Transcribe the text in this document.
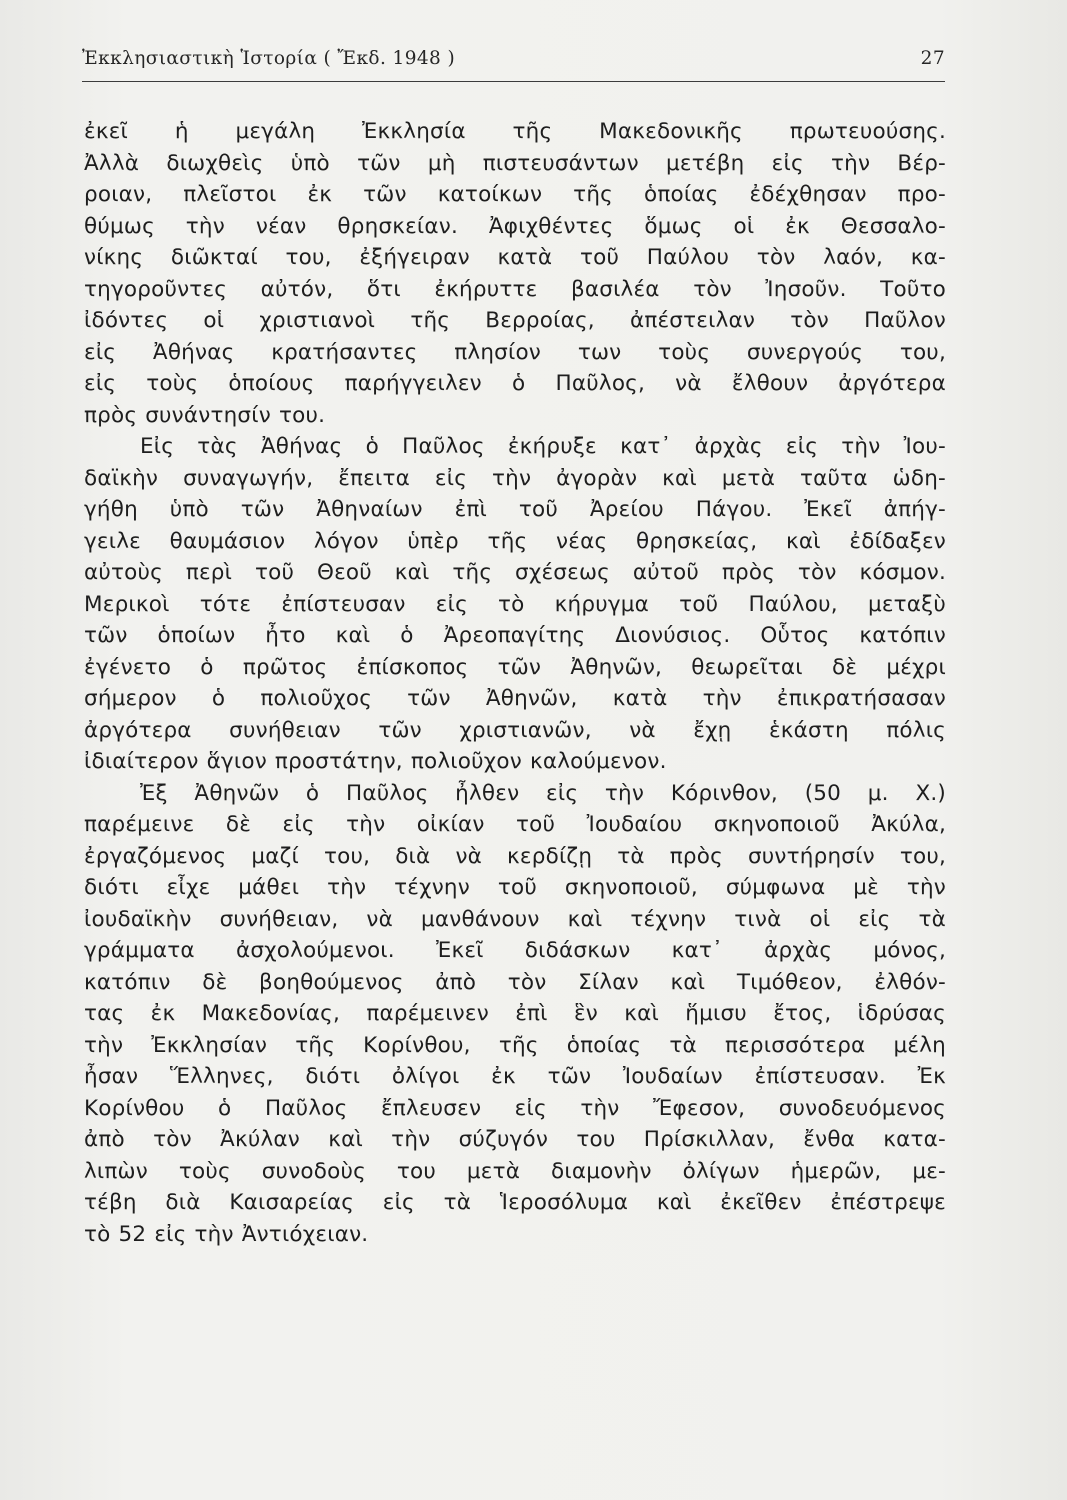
Ἐκκλησιαστικὴ Ἱστορία ( Ἔκδ. 1948 )	27
ἐκεῖ ἡ μεγάλη Ἐκκλησία τῆς Μακεδονικῆς πρωτευούσης.
Ἀλλὰ διωχθεὶς ὑπὸ τῶν μὴ πιστευσάντων μετέβη εἰς τὴν Βέρ-
ροιαν, πλεῖστοι ἐκ τῶν κατοίκων τῆς ὁποίας ἐδέχθησαν προ-
θύμως τὴν νέαν θρησκείαν. Ἀφιχθέντες ὅμως οἱ ἐκ Θεσσαλο-
νίκης διῶκταί του, ἐξήγειραν κατὰ τοῦ Παύλου τὸν λαόν, κα-
τηγοροῦντες αὐτόν, ὅτι ἐκήρυττε βασιλέα τὸν Ἰησοῦν. Τοῦτο
ἰδόντες οἱ χριστιανοὶ τῆς Βερροίας, ἀπέστειλαν τὸν Παῦλον
εἰς Ἀθήνας κρατήσαντες πλησίον των τοὺς συνεργούς του,
εἰς τοὺς ὁποίους παρήγγειλεν ὁ Παῦλος, νὰ ἔλθουν ἀργότερα
πρὸς συνάντησίν του.
Εἰς τὰς Ἀθήνας ὁ Παῦλος ἐκήρυξε κατ᾽ ἀρχὰς εἰς τὴν Ἰου-
δαϊκὴν συναγωγήν, ἔπειτα εἰς τὴν ἀγορὰν καὶ μετὰ ταῦτα ὡδη-
γήθη ὑπὸ τῶν Ἀθηναίων ἐπὶ τοῦ Ἀρείου Πάγου. Ἐκεῖ ἀπήγ-
γειλε θαυμάσιον λόγον ὑπὲρ τῆς νέας θρησκείας, καὶ ἐδίδαξεν
αὐτοὺς περὶ τοῦ Θεοῦ καὶ τῆς σχέσεως αὐτοῦ πρὸς τὸν κόσμον.
Μερικοὶ τότε ἐπίστευσαν εἰς τὸ κήρυγμα τοῦ Παύλου, μεταξὺ
τῶν ὁποίων ἦτο καὶ ὁ Ἀρεοπαγίτης Διονύσιος. Οὗτος κατόπιν
ἐγένετο ὁ πρῶτος ἐπίσκοπος τῶν Ἀθηνῶν, θεωρεῖται δὲ μέχρι
σήμερον ὁ πολιοῦχος τῶν Ἀθηνῶν, κατὰ τὴν ἐπικρατήσασαν
ἀργότερα συνήθειαν τῶν χριστιανῶν, νὰ ἔχῃ ἑκάστη πόλις
ἰδιαίτερον ἅγιον προστάτην, πολιοῦχον καλούμενον.
Ἐξ Ἀθηνῶν ὁ Παῦλος ἦλθεν εἰς τὴν Κόρινθον, (50 μ. Χ.)
παρέμεινε δὲ εἰς τὴν οἰκίαν τοῦ Ἰουδαίου σκηνοποιοῦ Ἀκύλα,
ἐργαζόμενος μαζί του, διὰ νὰ κερδίζῃ τὰ πρὸς συντήρησίν του,
διότι εἶχε μάθει τὴν τέχνην τοῦ σκηνοποιοῦ, σύμφωνα μὲ τὴν
ἰουδαϊκὴν συνήθειαν, νὰ μανθάνουν καὶ τέχνην τινὰ οἱ εἰς τὰ
γράμματα ἀσχολούμενοι. Ἐκεῖ διδάσκων κατ᾽ ἀρχὰς μόνος,
κατόπιν δὲ βοηθούμενος ἀπὸ τὸν Σίλαν καὶ Τιμόθεον, ἐλθόν-
τας ἐκ Μακεδονίας, παρέμεινεν ἐπὶ ἓν καὶ ἥμισυ ἔτος, ἱδρύσας
τὴν Ἐκκλησίαν τῆς Κορίνθου, τῆς ὁποίας τὰ περισσότερα μέλη
ἦσαν Ἕλληνες, διότι ὀλίγοι ἐκ τῶν Ἰουδαίων ἐπίστευσαν. Ἐκ
Κορίνθου ὁ Παῦλος ἔπλευσεν εἰς τὴν Ἔφεσον, συνοδευόμενος
ἀπὸ τὸν Ἀκύλαν καὶ τὴν σύζυγόν του Πρίσκιλλαν, ἔνθα κατα-
λιπὼν τοὺς συνοδοὺς του μετὰ διαμονὴν ὀλίγων ἡμερῶν, με-
τέβη διὰ Καισαρείας εἰς τὰ Ἱεροσόλυμα καὶ ἐκεῖθεν ἐπέστρεψε
τὸ 52 εἰς τὴν Ἀντιόχειαν.
